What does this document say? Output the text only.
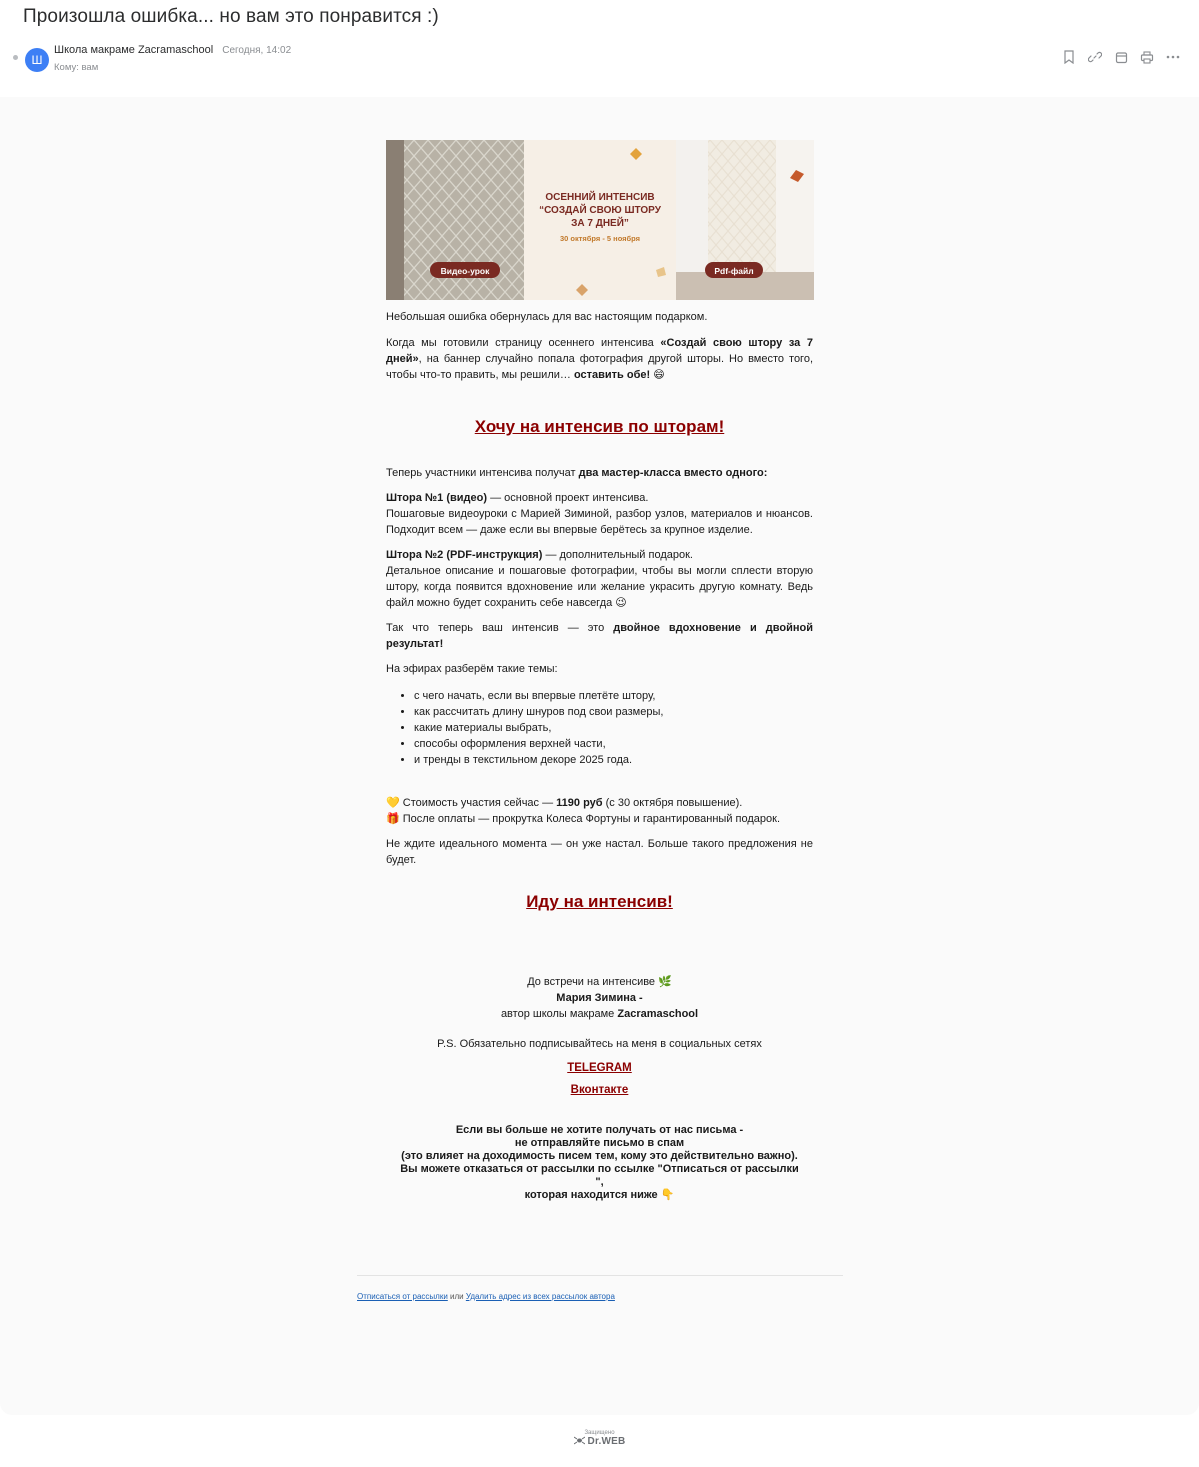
Произошла ошибка... но вам это понравится :)
Ш
Школа макраме Zacramaschool Сегодня, 14:02
Кому: вам
ОСЕННИЙ ИНТЕНСИВ
“СОЗДАЙ СВОЮ ШТОРУ
ЗА 7 ДНЕЙ”
30 октября - 5 ноября
Видео-урок	Pdf-файл

Небольшая ошибка обернулась для вас настоящим подарком.

Когда мы готовили страницу осеннего интенсива «Создай свою штору за 7 дней», на баннер случайно попала фотография другой шторы. Но вместо того, чтобы что-то править, мы решили… оставить обе! 😄

Хочу на интенсив по шторам!

Теперь участники интенсива получат два мастер-класса вместо одного:

Штора №1 (видео) — основной проект интенсива.
Пошаговые видеоуроки с Марией Зиминой, разбор узлов, материалов и нюансов. Подходит всем — даже если вы впервые берётесь за крупное изделие.

Штора №2 (PDF-инструкция) — дополнительный подарок.
Детальное описание и пошаговые фотографии, чтобы вы могли сплести вторую штору, когда появится вдохновение или желание украсить другую комнату. Ведь файл можно будет сохранить себе навсегда 😉

Так что теперь ваш интенсив — это двойное вдохновение и двойной результат!

На эфирах разберём такие темы:

• с чего начать, если вы впервые плетёте штору,
• как рассчитать длину шнуров под свои размеры,
• какие материалы выбрать,
• способы оформления верхней части,
• и тренды в текстильном декоре 2025 года.

💛 Стоимость участия сейчас — 1190 руб (с 30 октября повышение).
🎁 После оплаты — прокрутка Колеса Фортуны и гарантированный подарок.

Не ждите идеального момента — он уже настал. Больше такого предложения не будет.

Иду на интенсив!
До встречи на интенсиве 🌿
Мария Зимина -
автор школы макраме Zacramaschool
P.S. Обязательно подписывайтесь на меня в социальных сетях
TELEGRAM
Вконтакте
Если вы больше не хотите получать от нас письма -
не отправляйте письмо в спам
(это влияет на доходимость писем тем, кому это действительно важно).
Вы можете отказаться от рассылки по ссылке "Отписаться от рассылки
",
которая находится ниже 👇
Отписаться от рассылки или Удалить адрес из всех рассылок автора
Защищено
Dr.WEB
